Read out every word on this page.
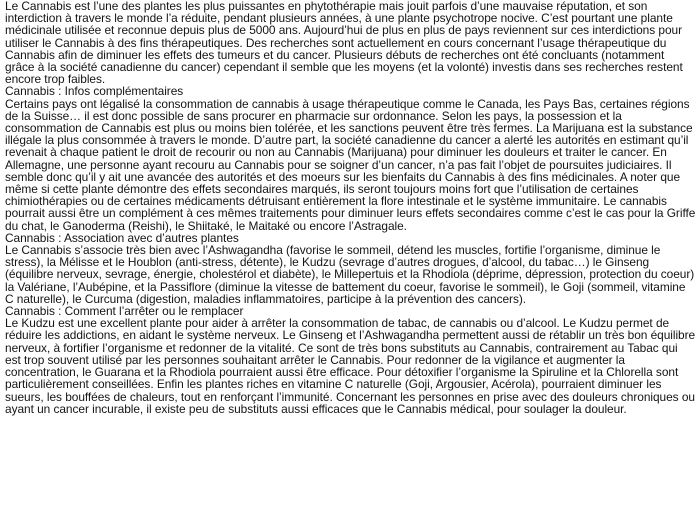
Le Cannabis est l’une des plantes les plus puissantes en phytothérapie mais jouit parfois d’une mauvaise réputation, et son interdiction à travers le monde l’a réduite, pendant plusieurs années, à une plante psychotrope nocive. C’est pourtant une plante médicinale utilisée et reconnue depuis plus de 5000 ans. Aujourd’hui de plus en plus de pays reviennent sur ces interdictions pour utiliser le Cannabis à des fins thérapeutiques. Des recherches sont actuellement en cours concernant l’usage thérapeutique du Cannabis afin de diminuer les effets des tumeurs et du cancer. Plusieurs débuts de recherches ont été concluants (notamment grâce à la société canadienne du cancer) cependant il semble que les moyens (et la volonté) investis dans ses recherches restent encore trop faibles.

Cannabis : Infos complémentaires

Certains pays ont légalisé la consommation de cannabis à usage thérapeutique comme le Canada, les Pays Bas, certaines régions de la Suisse… il est donc possible de sans procurer en pharmacie sur ordonnance. Selon les pays, la possession et la consommation de Cannabis est plus ou moins bien tolérée, et les sanctions peuvent être très fermes. La Marijuana est la substance illégale la plus consommée à travers le monde. D’autre part, la société canadienne du cancer a alerté les autorités en estimant qu’il revenait à chaque patient le droit de recourir ou non au Cannabis (Marijuana) pour diminuer les douleurs et traiter le cancer. En Allemagne, une personne ayant recouru au Cannabis pour se soigner d’un cancer, n’a pas fait l’objet de poursuites judiciaires. Il semble donc qu’il y ait une avancée des autorités et des moeurs sur les bienfaits du Cannabis à des fins médicinales. A noter que même si cette plante démontre des effets secondaires marqués, ils seront toujours moins fort que l’utilisation de certaines chimiothérapies ou de certaines médicaments détruisant entièrement la flore intestinale et le système immunitaire. Le cannabis pourrait aussi être un complément à ces mêmes traitements pour diminuer leurs effets secondaires comme c’est le cas pour la Griffe du chat, le Ganoderma (Reishi), le Shiitaké, le Maitaké ou encore l’Astragale.

Cannabis : Association avec d’autres plantes

Le Cannabis s’associe très bien avec l’Ashwagandha (favorise le sommeil, détend les muscles, fortifie l’organisme, diminue le stress), la Mélisse et le Houblon (anti-stress, détente), le Kudzu (sevrage d’autres drogues, d’alcool, du tabac…) le Ginseng (équilibre nerveux, sevrage, énergie, cholestérol et diabète), le Millepertuis et la Rhodiola (déprime, dépression, protection du coeur) la Valériane, l’Aubépine, et la Passiflore (diminue la vitesse de battement du coeur, favorise le sommeil), le Goji (sommeil, vitamine C naturelle), le Curcuma (digestion, maladies inflammatoires, participe à la prévention des cancers).

Cannabis : Comment l’arrêter ou le remplacer

Le Kudzu est une excellent plante pour aider à arrêter la consommation de tabac, de cannabis ou d’alcool. Le Kudzu permet de réduire les addictions, en aidant le système nerveux. Le Ginseng et l’Ashwagandha permettent aussi de rétablir un très bon équilibre nerveux, à fortifier l’organisme et redonner de la vitalité. Ce sont de très bons substituts au Cannabis, contrairement au Tabac qui est trop souvent utilisé par les personnes souhaitant arrêter le Cannabis. Pour redonner de la vigilance et augmenter la concentration, le Guarana et la Rhodiola pourraient aussi être efficace. Pour détoxifier l’organisme la Spiruline et la Chlorella sont particulièrement conseillées. Enfin les plantes riches en vitamine C naturelle (Goji, Argousier, Acérola), pourraient diminuer les sueurs, les bouffées de chaleurs, tout en renforçant l’immunité. Concernant les personnes en prise avec des douleurs chroniques ou ayant un cancer incurable, il existe peu de substituts aussi efficaces que le Cannabis médical, pour soulager la douleur.
